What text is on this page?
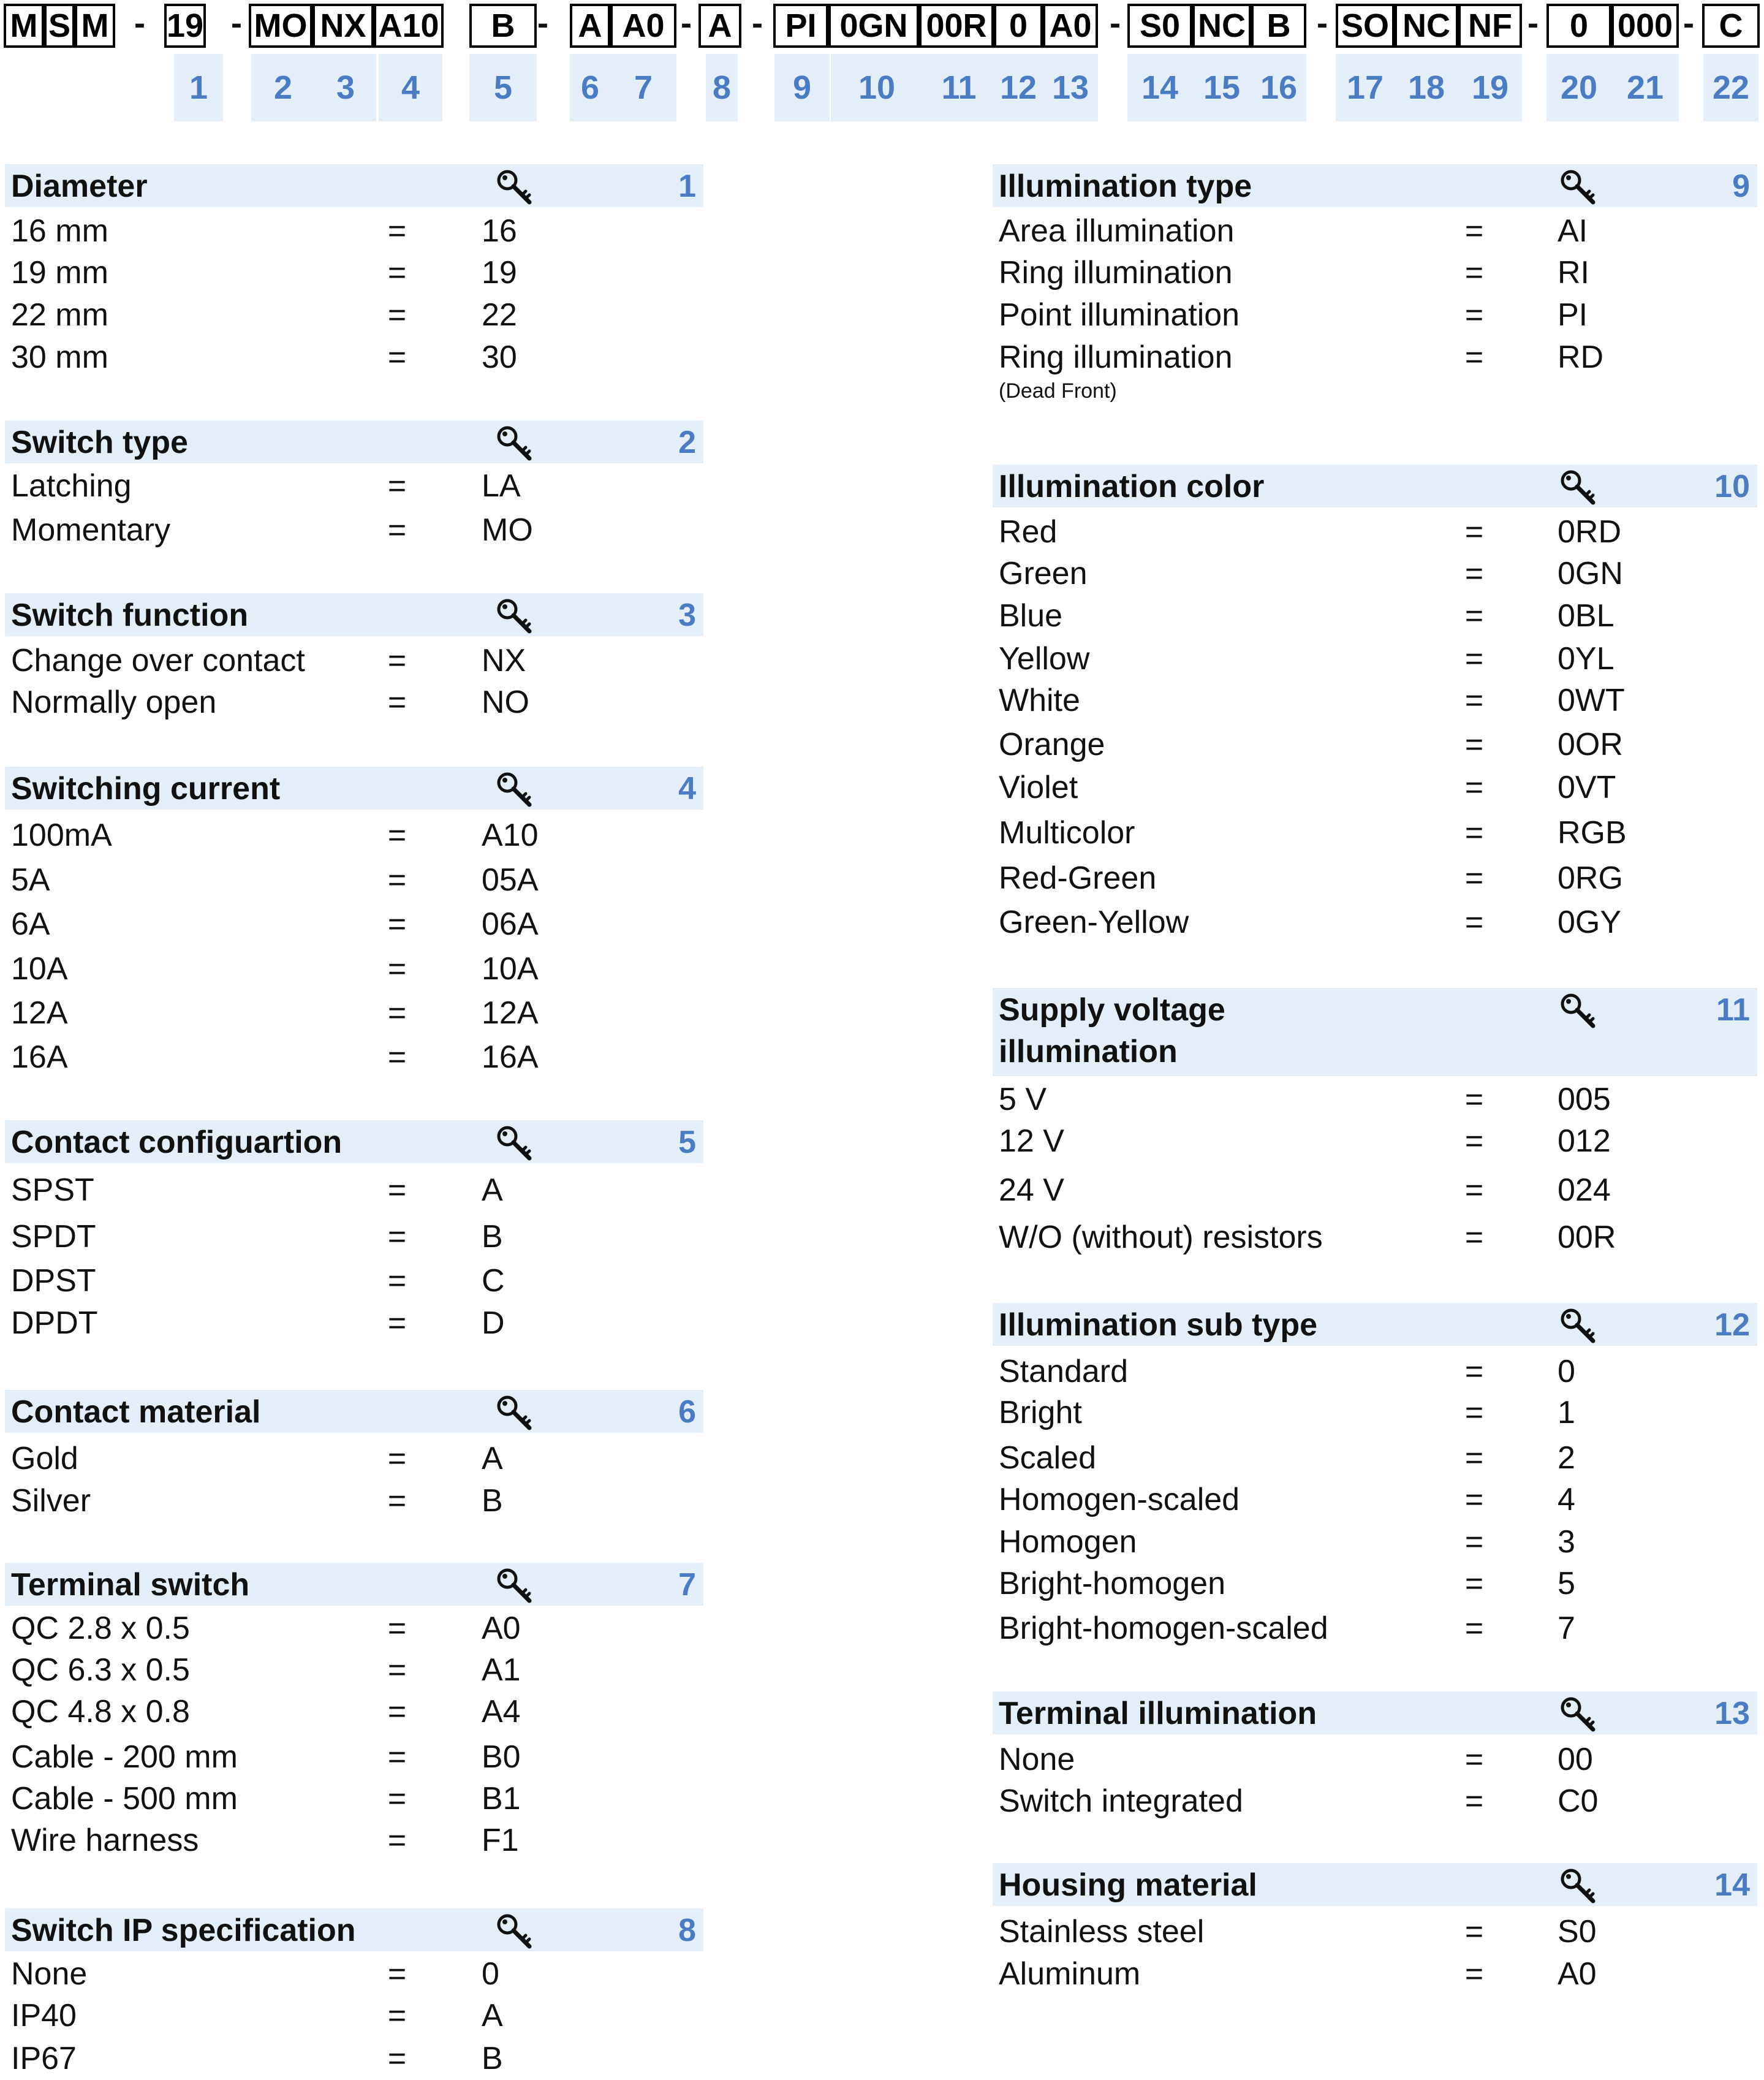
M S M 19 MO NX A10	B	A A0	A	PI 0GN 00R 0 A0	S0 NC B	SO NC NF	0 000	C
-	-	-	- -	-	-	-	-
1	2	3	4	5	6	7	8	9	10	11 12 13	14 15 16	17 18 19	20 21	22
Diameter	1
16 mm	= 16
19 mm	= 19
22 mm	= 22
30 mm	= 30
Switch type	2
Latching	= LA
Momentary	= MO
Switch function	3
Change over contact	= NX
Normally open	= NO
Switching current	4
100mA	= A10
5A	= 05A
6A	= 06A
10A	= 10A
12A	= 12A
16A	= 16A
Contact configuartion	5
SPST	= A
SPDT	= B
DPST	= C
DPDT	= D
Contact material	6
Gold	= A
Silver	= B
Terminal switch	7
QC 2.8 x 0.5	= A0
QC 6.3 x 0.5	= A1
QC 4.8 x 0.8	= A4
Cable - 200 mm	= B0
Cable - 500 mm	= B1
Wire harness	= F1
Switch IP specification	8
None	= 0
IP40	= A
IP67	= B
Illumination type	9
Area illumination	= AI
Ring illumination	= RI
Point illumination	= PI
Ring illumination	= RD
(Dead Front)
Illumination color	10
Red	= 0RD
Green	= 0GN
Blue	= 0BL
Yellow	= 0YL
White	= 0WT
Orange	= 0OR
Violet	= 0VT
Multicolor	= RGB
Red-Green	= 0RG
Green-Yellow	= 0GY
Supply voltage
illumination
11
5 V	= 005
12 V	= 012
24 V	= 024
W/O (without) resistors	= 00R
Illumination sub type	12
Standard	= 0
Bright	= 1
Scaled	= 2
Homogen-scaled	= 4
Homogen	= 3
Bright-homogen	= 5
Bright-homogen-scaled	= 7
Terminal illumination	13
None	= 00
Switch integrated	= C0
Housing material	14
Stainless steel	= S0
Aluminum	= A0
